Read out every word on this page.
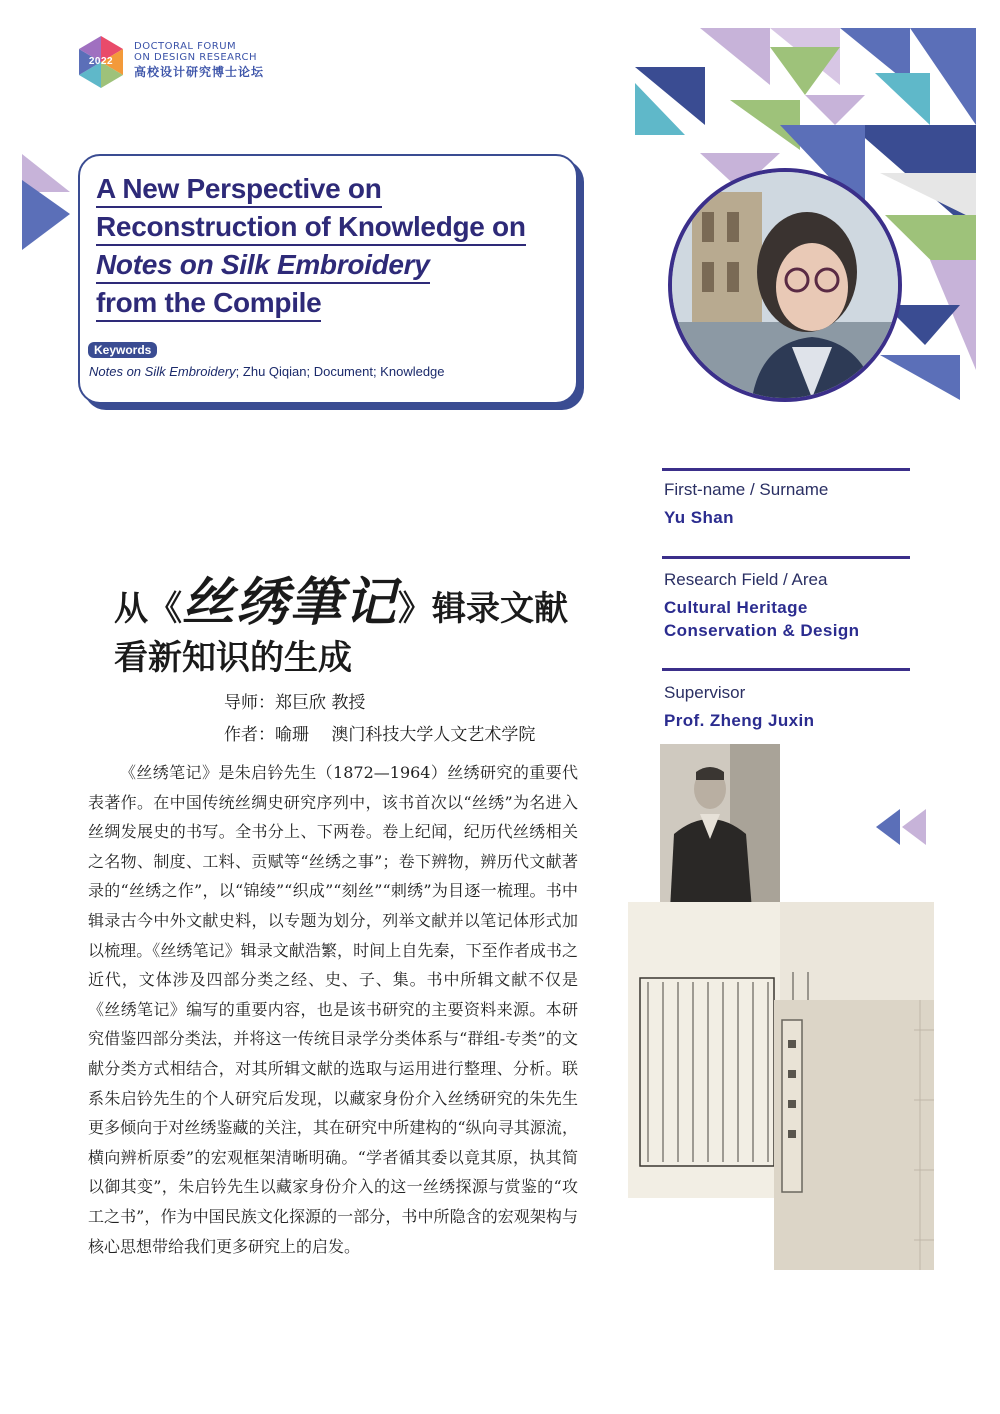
2022
DOCTORAL FORUM
ON DESIGN RESEARCH
高校设计研究博士论坛
A New Perspective on
Reconstruction of Knowledge on
Notes on Silk Embroidery
from the Compile
Keywords
Notes on Silk Embroidery; Zhu Qiqian; Document; Knowledge
First-name / Surname
Yu Shan
Research Field / Area
Cultural Heritage
Conservation & Design
Supervisor
Prof. Zheng Juxin
从《丝绣筆记》辑录文献
看新知识的生成
导师：郑巨欣 教授
作者：喻珊　 澳门科技大学人文艺术学院

《丝绣笔记》是朱启钤先生（1872—1964）丝绣研究的重要代表著作。在中国传统丝绸史研究序列中，该书首次以“丝绣”为名进入丝绸发展史的书写。全书分上、下两卷。卷上纪闻，纪历代丝绣相关之名物、制度、工料、贡赋等“丝绣之事”；卷下辨物，辨历代文献著录的“丝绣之作”，以“锦绫”“织成”“刻丝”“刺绣”为目逐一梳理。书中辑录古今中外文献史料，以专题为划分，列举文献并以笔记体形式加以梳理。《丝绣笔记》辑录文献浩繁，时间上自先秦，下至作者成书之近代，文体涉及四部分类之经、史、子、集。书中所辑文献不仅是《丝绣笔记》编写的重要内容，也是该书研究的主要资料来源。本研究借鉴四部分类法，并将这一传统目录学分类体系与“群组-专类”的文献分类方式相结合，对其所辑文献的选取与运用进行整理、分析。联系朱启钤先生的个人研究后发现，以藏家身份介入丝绣研究的朱先生更多倾向于对丝绣鉴藏的关注，其在研究中所建构的“纵向寻其源流，横向辨析原委”的宏观框架清晰明确。“学者循其委以竟其原，执其简以御其变”，朱启钤先生以藏家身份介入的这一丝绣探源与赏鉴的“攻工之书”，作为中国民族文化探源的一部分，书中所隐含的宏观架构与核心思想带给我们更多研究上的启发。
